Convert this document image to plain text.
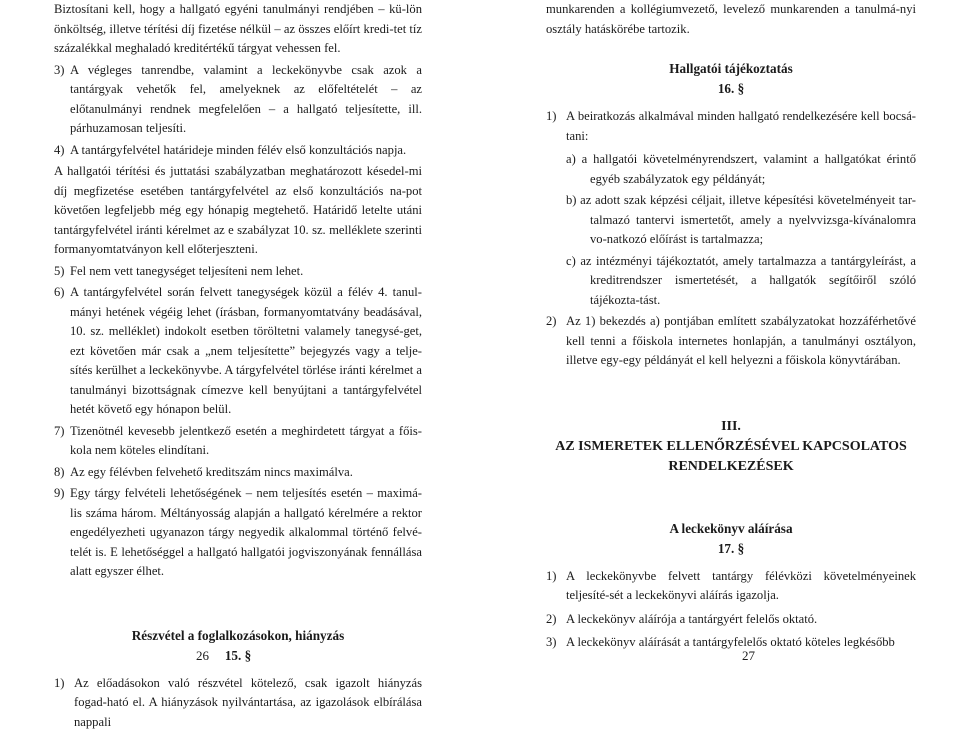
Biztosítani kell, hogy a hallgató egyéni tanulmányi rendjében – kü-lön önköltség, illetve térítési díj fizetése nélkül – az összes előírt kredi-tet tíz százalékkal meghaladó kreditértékű tárgyat vehessen fel.

3) A végleges tanrendbe, valamint a leckekönyvbe csak azok a tantárgyak vehetők fel, amelyeknek az előfeltételét – az előtanulmányi rendnek megfelelően – a hallgató teljesítette, ill. párhuzamosan teljesíti.

4) A tantárgyfelvétel határideje minden félév első konzultációs napja.

A hallgatói térítési és juttatási szabályzatban meghatározott késedel-mi díj megfizetése esetében tantárgyfelvétel az első konzultációs na-pot követően legfeljebb még egy hónapig megtehető. Határidő letelte utáni tantárgyfelvétel iránti kérelmet az e szabályzat 10. sz. melléklete szerinti formanyomtatványon kell előterjeszteni.

5) Fel nem vett tanegységet teljesíteni nem lehet.

6) A tantárgyfelvétel során felvett tanegységek közül a félév 4. tanul-mányi hetének végéig lehet (írásban, formanyomtatvány beadásával, 10. sz. melléklet) indokolt esetben töröltetni valamely tanegysé-get, ezt követően már csak a „nem teljesítette” bejegyzés vagy a telje-sítés kerülhet a leckekönyvbe. A tárgyfelvétel törlése iránti kérelmet a tanulmányi bizottságnak címezve kell benyújtani a tantárgyfelvétel hetét követő egy hónapon belül.

7) Tizenötnél kevesebb jelentkező esetén a meghirdetett tárgyat a főis-kola nem köteles elindítani.

8) Az egy félévben felvehető kreditszám nincs maximálva.

9) Egy tárgy felvételi lehetőségének – nem teljesítés esetén – maximá-lis száma három. Méltányosság alapján a hallgató kérelmére a rektor engedélyezheti ugyanazon tárgy negyedik alkalommal történő felvé-telét is. E lehetőséggel a hallgató hallgatói jogviszonyának fennállása alatt egyszer élhet.

Részvétel a foglalkozásokon, hiányzás

15. §

1) Az előadásokon való részvétel kötelező, csak igazolt hiányzás fogad-ható el. A hiányzások nyilvántartása, az igazolások elbírálása nappali

26

munkarenden a kollégiumvezető, levelező munkarenden a tanulmá-nyi osztály hatáskörébe tartozik.

Hallgatói tájékoztatás

16. §

1) A beiratkozás alkalmával minden hallgató rendelkezésére kell bocsá-tani:

a) a hallgatói követelményrendszert, valamint a hallgatókat érintő egyéb szabályzatok egy példányát;

b) az adott szak képzési céljait, illetve képesítési követelményeit tar-talmazó tantervi ismertetőt, amely a nyelvvizsga-kívánalomra vo-natkozó előírást is tartalmazza;

c) az intézményi tájékoztatót, amely tartalmazza a tantárgyleírást, a kreditrendszer ismertetését, a hallgatók segítőiről szóló tájékozta-tást.

2) Az 1) bekezdés a) pontjában említett szabályzatokat hozzáférhetővé kell tenni a főiskola internetes honlapján, a tanulmányi osztályon, illetve egy-egy példányát el kell helyezni a főiskola könyvtárában.

III.

AZ ISMERETEK ELLENŐRZÉSÉVEL KAPCSOLATOS

RENDELKEZÉSEK

A leckekönyv aláírása

17. §

1) A leckekönyvbe felvett tantárgy félévközi követelményeinek teljesíté-sét a leckekönyvi aláírás igazolja.

2) A leckekönyv aláírója a tantárgyért felelős oktató.

3) A leckekönyv aláírását a tantárgyfelelős oktató köteles legkésőbb

27
